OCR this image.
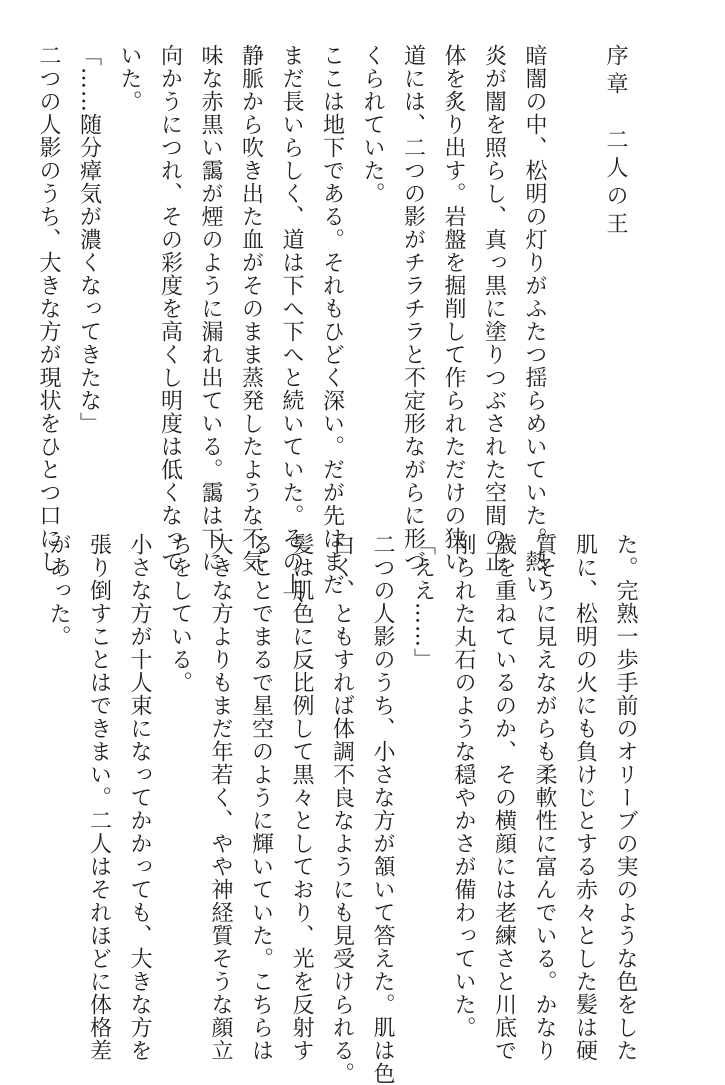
序章　二人の王
暗闇の中、松明の灯りがふたつ揺らめいていた。熱い
炎が闇を照らし、真っ黒に塗りつぶされた空間の正
体を炙り出す。岩盤を掘削して作られただけの狭い
道には、二つの影がチラチラと不定形ながらに形づ
くられていた。
ここは地下である。それもひどく深い。だが先はまだ
まだ長いらしく、道は下へ下へと続いていた。その上、
静脈から吹き出た血がそのまま蒸発したような不気
味な赤黒い靄が煙のように漏れ出ている。靄は下に
向かうにつれ、その彩度を高くし明度は低くなって
いた。
「……随分瘴気が濃くなってきたな」
二つの人影のうち、大きな方が現状をひとつ口にし
た。完熟一歩手前のオリーブの実のような色をした
肌に、松明の火にも負けじとする赤々とした髪は硬
質そうに見えながらも柔軟性に富んでいる。かなり
歳を重ねているのか、その横顔には老練さと川底で
削られた丸石のような穏やかさが備わっていた。
「ええ……」
二つの人影のうち、小さな方が頷いて答えた。肌は色
白く、ともすれば体調不良なようにも見受けられる。
髪は肌色に反比例して黒々としており、光を反射す
ることでまるで星空のように輝いていた。こちらは
大きな方よりもまだ年若く、やや神経質そうな顔立
ちをしている。
小さな方が十人束になってかかっても、大きな方を
張り倒すことはできまい。二人はそれほどに体格差
があった。
